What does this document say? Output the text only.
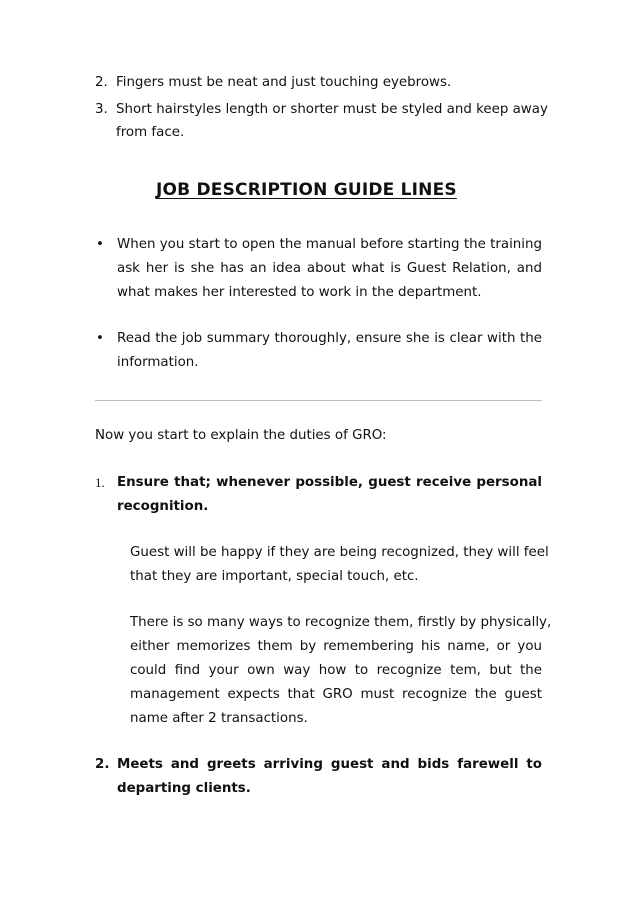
2. Fingers must be neat and just touching eyebrows.
3. Short hairstyles length or shorter must be styled and keep away
from face.
JOB DESCRIPTION GUIDE LINES
• When you start to open the manual before starting the training
ask her is she has an idea about what is Guest Relation, and
what makes her interested to work in the department.
• Read the job summary thoroughly, ensure she is clear with the
information.
Now you start to explain the duties of GRO:
1. Ensure that; whenever possible, guest receive personal
recognition.
Guest will be happy if they are being recognized, they will feel
that they are important, special touch, etc.
There is so many ways to recognize them, firstly by physically,
either memorizes them by remembering his name, or you
could find your own way how to recognize tem, but the
management expects that GRO must recognize the guest
name after 2 transactions.
2. Meets and greets arriving guest and bids farewell to
departing clients.
